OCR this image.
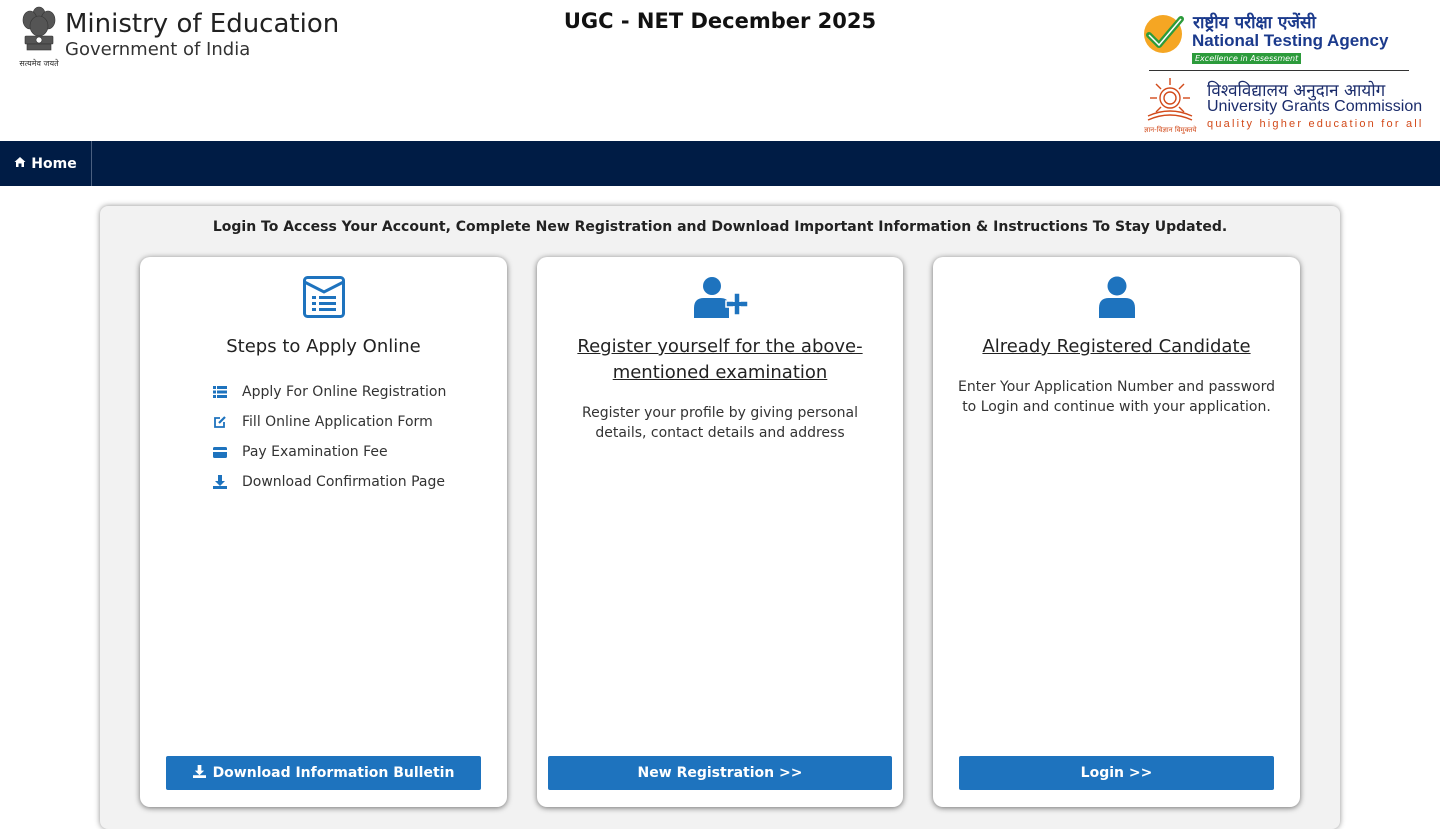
सत्यमेव जयते
Ministry of Education
Government of India
UGC - NET December 2025	राष्ट्रीय परीक्षा एजेंसी
National Testing Agency
Excellence in Assessment
ज्ञान-विज्ञान विमुक्तये
विश्वविद्यालय अनुदान आयोग
University Grants Commission
quality higher education for all
Home
Login To Access Your Account, Complete New Registration and Download Important Information & Instructions To Stay Updated.
Steps to Apply Online
Apply For Online Registration
Fill Online Application Form
Pay Examination Fee
Download Confirmation Page
Download Information Bulletin
Register yourself for the above-mentioned examination
Register your profile by giving personal details, contact details and address
New Registration >>
Already Registered Candidate
Enter Your Application Number and password to Login and continue with your application.
Login >>
